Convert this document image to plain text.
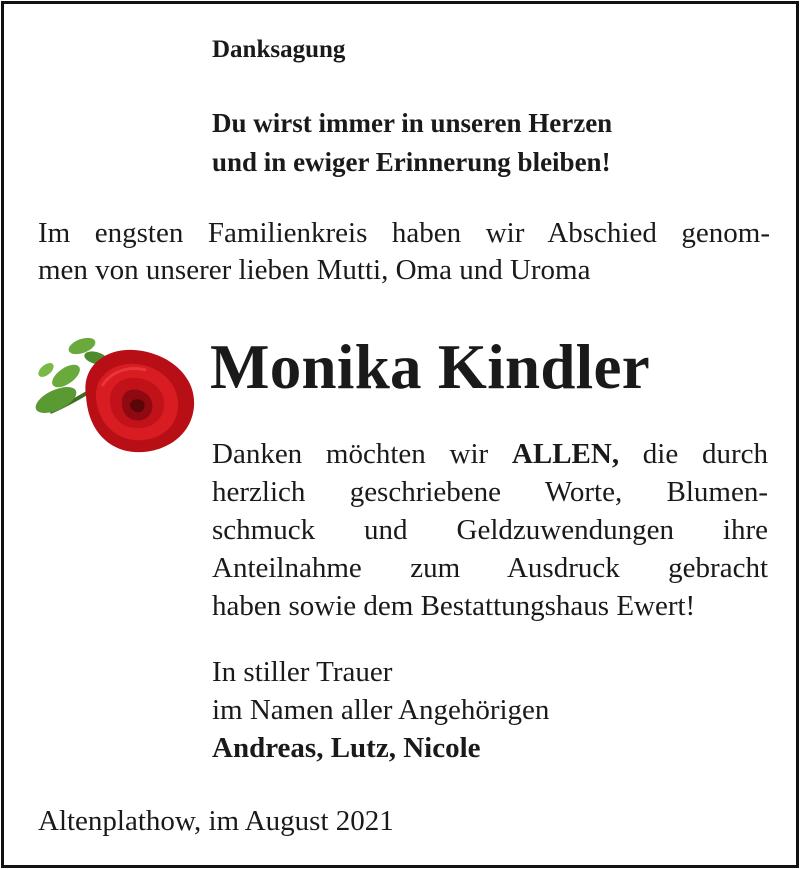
Danksagung

Du wirst immer in unseren Herzen

und in ewiger Erinnerung bleiben!

Im engsten Familienkreis haben wir Abschied genom-

men von unserer lieben Mutti, Oma und Uroma

Monika Kindler

Danken möchten wir ALLEN, die durch

herzlich geschriebene Worte, Blumen-

schmuck und Geldzuwendungen ihre

Anteilnahme zum Ausdruck gebracht

haben sowie dem Bestattungshaus Ewert!

In stiller Trauer

im Namen aller Angehörigen

Andreas, Lutz, Nicole

Altenplathow, im August 2021
